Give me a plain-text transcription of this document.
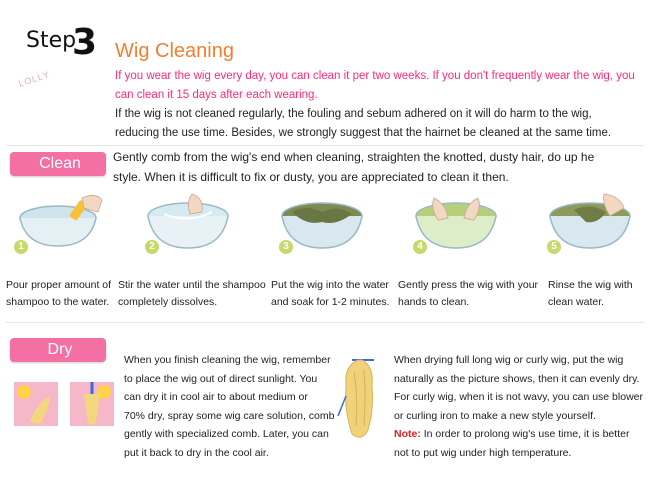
Step
3
LOLLY
Wig Cleaning
If you wear the wig every day, you can clean it per two weeks. If you don't frequently wear the wig, you
can clean it 15 days after each wearing.
If the wig is not cleaned regularly, the fouling and sebum adhered on it will do harm to the wig,
reducing the use time. Besides, we strongly suggest that the hairnet be cleaned at the same time.
Clean	Gently comb from the wig's end when cleaning, straighten the knotted, dusty hair, do up he
style. When it is difficult to fix or dusty, you are appreciated to clean it then.
1	2	3	4	5
Pour proper amount of
shampoo to the water.
Stir the water until the shampoo
completely dissolves.
Put the wig into the water
and soak for 1-2 minutes.
Gently press the wig with your
hands to clean.
Rinse the wig with
clean water.
Dry
When you finish cleaning the wig, remember
to place the wig out of direct sunlight. You
can dry it in cool air to about medium or
70% dry, spray some wig care solution, comb
gently with specialized comb. Later, you can
put it back to dry in the cool air.
When drying full long wig or curly wig, put the wig
naturally as the picture shows, then it can evenly dry.
For curly wig, when it is not wavy, you can use blower
or curling iron to make a new style yourself.
Note: In order to prolong wig's use time, it is better
not to put wig under high temperature.
